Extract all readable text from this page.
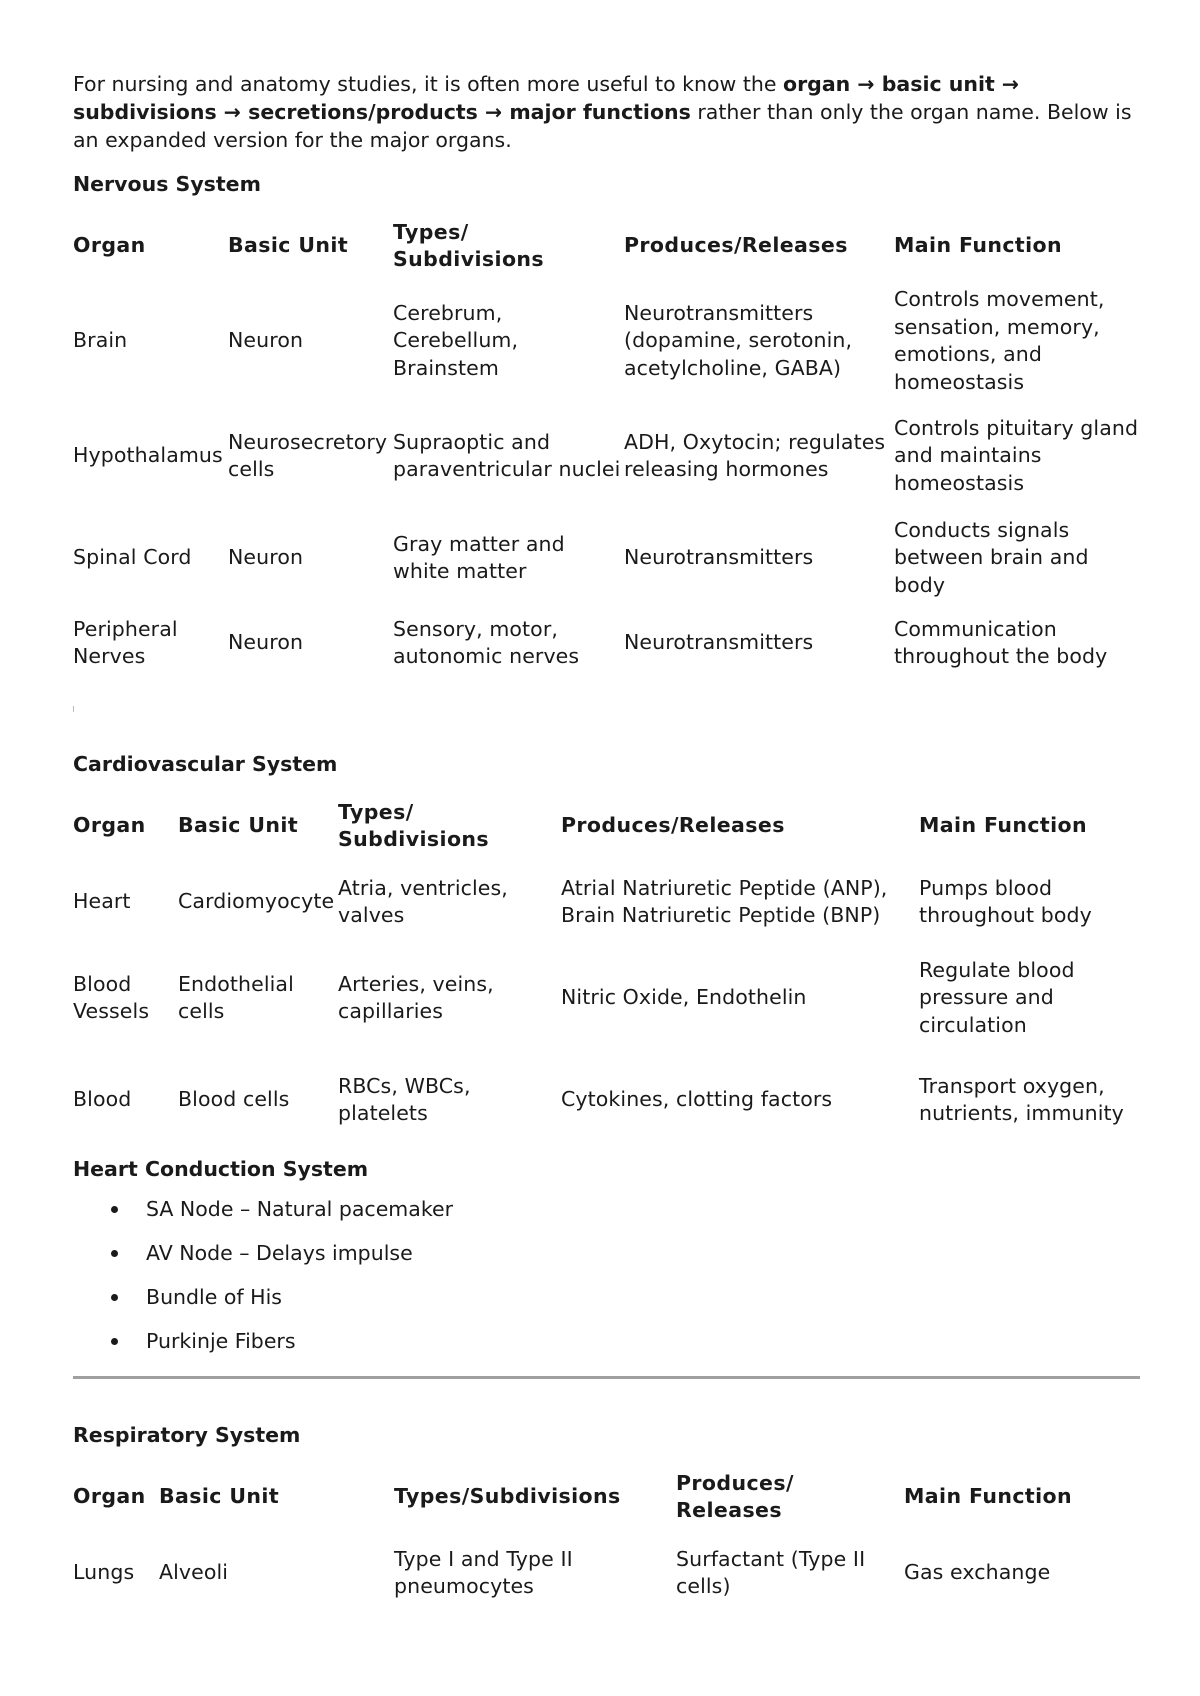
For nursing and anatomy studies, it is often more useful to know the organ → basic unit → subdivisions → secretions/products → major functions rather than only the organ name. Below is an expanded version for the major organs.

Nervous System

Organ	Basic Unit	Types/ Subdivisions	Produces/Releases	Main Function
Brain	Neuron	Cerebrum, Cerebellum, Brainstem	Neurotransmitters (dopamine, serotonin, acetylcholine, GABA)	Controls movement, sensation, memory, emotions, and homeostasis
Hypothalamus	Neurosecretory cells	Supraoptic and paraventricular nuclei	ADH, Oxytocin; regulates releasing hormones	Controls pituitary gland and maintains homeostasis
Spinal Cord	Neuron	Gray matter and white matter	Neurotransmitters	Conducts signals between brain and body
Peripheral Nerves	Neuron	Sensory, motor, autonomic nerves	Neurotransmitters	Communication throughout the body

Cardiovascular System

Organ	Basic Unit	Types/ Subdivisions	Produces/Releases	Main Function
Heart	Cardiomyocyte	Atria, ventricles, valves	Atrial Natriuretic Peptide (ANP), Brain Natriuretic Peptide (BNP)	Pumps blood throughout body
Blood Vessels	Endothelial cells	Arteries, veins, capillaries	Nitric Oxide, Endothelin	Regulate blood pressure and circulation
Blood	Blood cells	RBCs, WBCs, platelets	Cytokines, clotting factors	Transport oxygen, nutrients, immunity

Heart Conduction System

SA Node – Natural pacemaker
AV Node – Delays impulse
Bundle of His
Purkinje Fibers

Respiratory System

Organ	Basic Unit	Types/Subdivisions	Produces/ Releases	Main Function
Lungs	Alveoli	Type I and Type II pneumocytes	Surfactant (Type II cells)	Gas exchange
